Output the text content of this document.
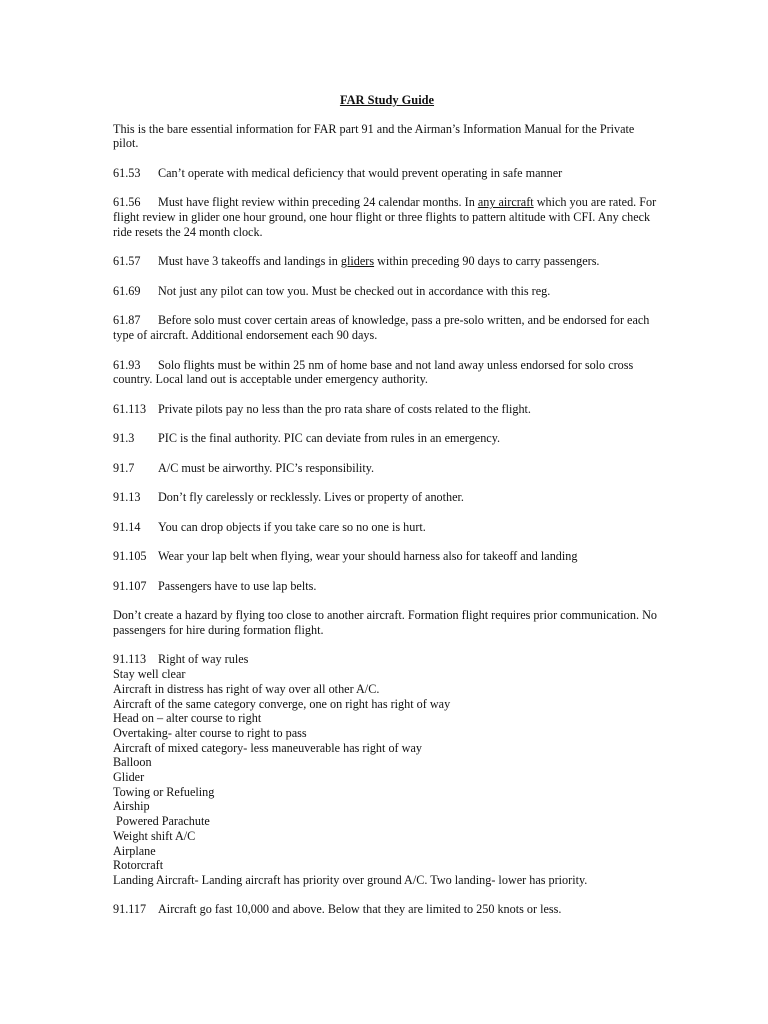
FAR Study Guide

This is the bare essential information for FAR part 91 and the Airman’s Information Manual for the Private pilot.

61.53 Can’t operate with medical deficiency that would prevent operating in safe manner

61.56 Must have flight review within preceding 24 calendar months. In any aircraft which you are rated. For flight review in glider one hour ground, one hour flight or three flights to pattern altitude with CFI. Any check ride resets the 24 month clock.

61.57 Must have 3 takeoffs and landings in gliders within preceding 90 days to carry passengers.

61.69 Not just any pilot can tow you. Must be checked out in accordance with this reg.

61.87 Before solo must cover certain areas of knowledge, pass a pre-solo written, and be endorsed for each type of aircraft. Additional endorsement each 90 days.

61.93 Solo flights must be within 25 nm of home base and not land away unless endorsed for solo cross country. Local land out is acceptable under emergency authority.

61.113 Private pilots pay no less than the pro rata share of costs related to the flight.

91.3 PIC is the final authority. PIC can deviate from rules in an emergency.

91.7 A/C must be airworthy. PIC’s responsibility.

91.13 Don’t fly carelessly or recklessly. Lives or property of another.

91.14 You can drop objects if you take care so no one is hurt.

91.105 Wear your lap belt when flying, wear your should harness also for takeoff and landing

91.107 Passengers have to use lap belts.

Don’t create a hazard by flying too close to another aircraft. Formation flight requires prior communication. No passengers for hire during formation flight.

91.113 Right of way rules
Stay well clear
Aircraft in distress has right of way over all other A/C.
Aircraft of the same category converge, one on right has right of way
Head on – alter course to right
Overtaking- alter course to right to pass
Aircraft of mixed category- less maneuverable has right of way
Balloon
Glider
Towing or Refueling
Airship
Powered Parachute
Weight shift A/C
Airplane
Rotorcraft
Landing Aircraft- Landing aircraft has priority over ground A/C. Two landing- lower has priority.

91.117 Aircraft go fast 10,000 and above. Below that they are limited to 250 knots or less.
